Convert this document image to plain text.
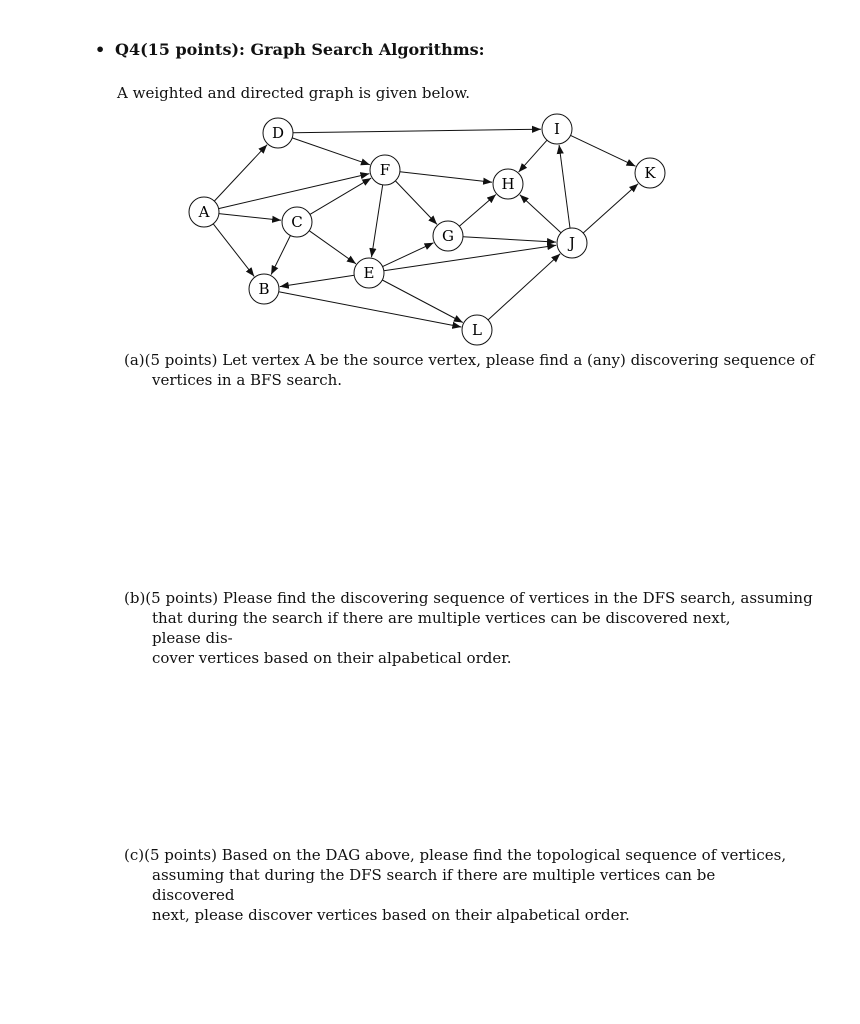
• Q4(15 points): Graph Search Algorithms:
A weighted and directed graph is given below.
A
B
C
D
E
F
G
H
I
J
K
L
(a)(5 points) Let vertex A be the source vertex, please find a (any) discovering sequence of
vertices in a BFS search.
(b)(5 points) Please find the discovering sequence of vertices in the DFS search, assuming
that during the search if there are multiple vertices can be discovered next, please dis-
cover vertices based on their alpabetical order.
(c)(5 points) Based on the DAG above, please find the topological sequence of vertices,
assuming that during the DFS search if there are multiple vertices can be discovered
next, please discover vertices based on their alpabetical order.
